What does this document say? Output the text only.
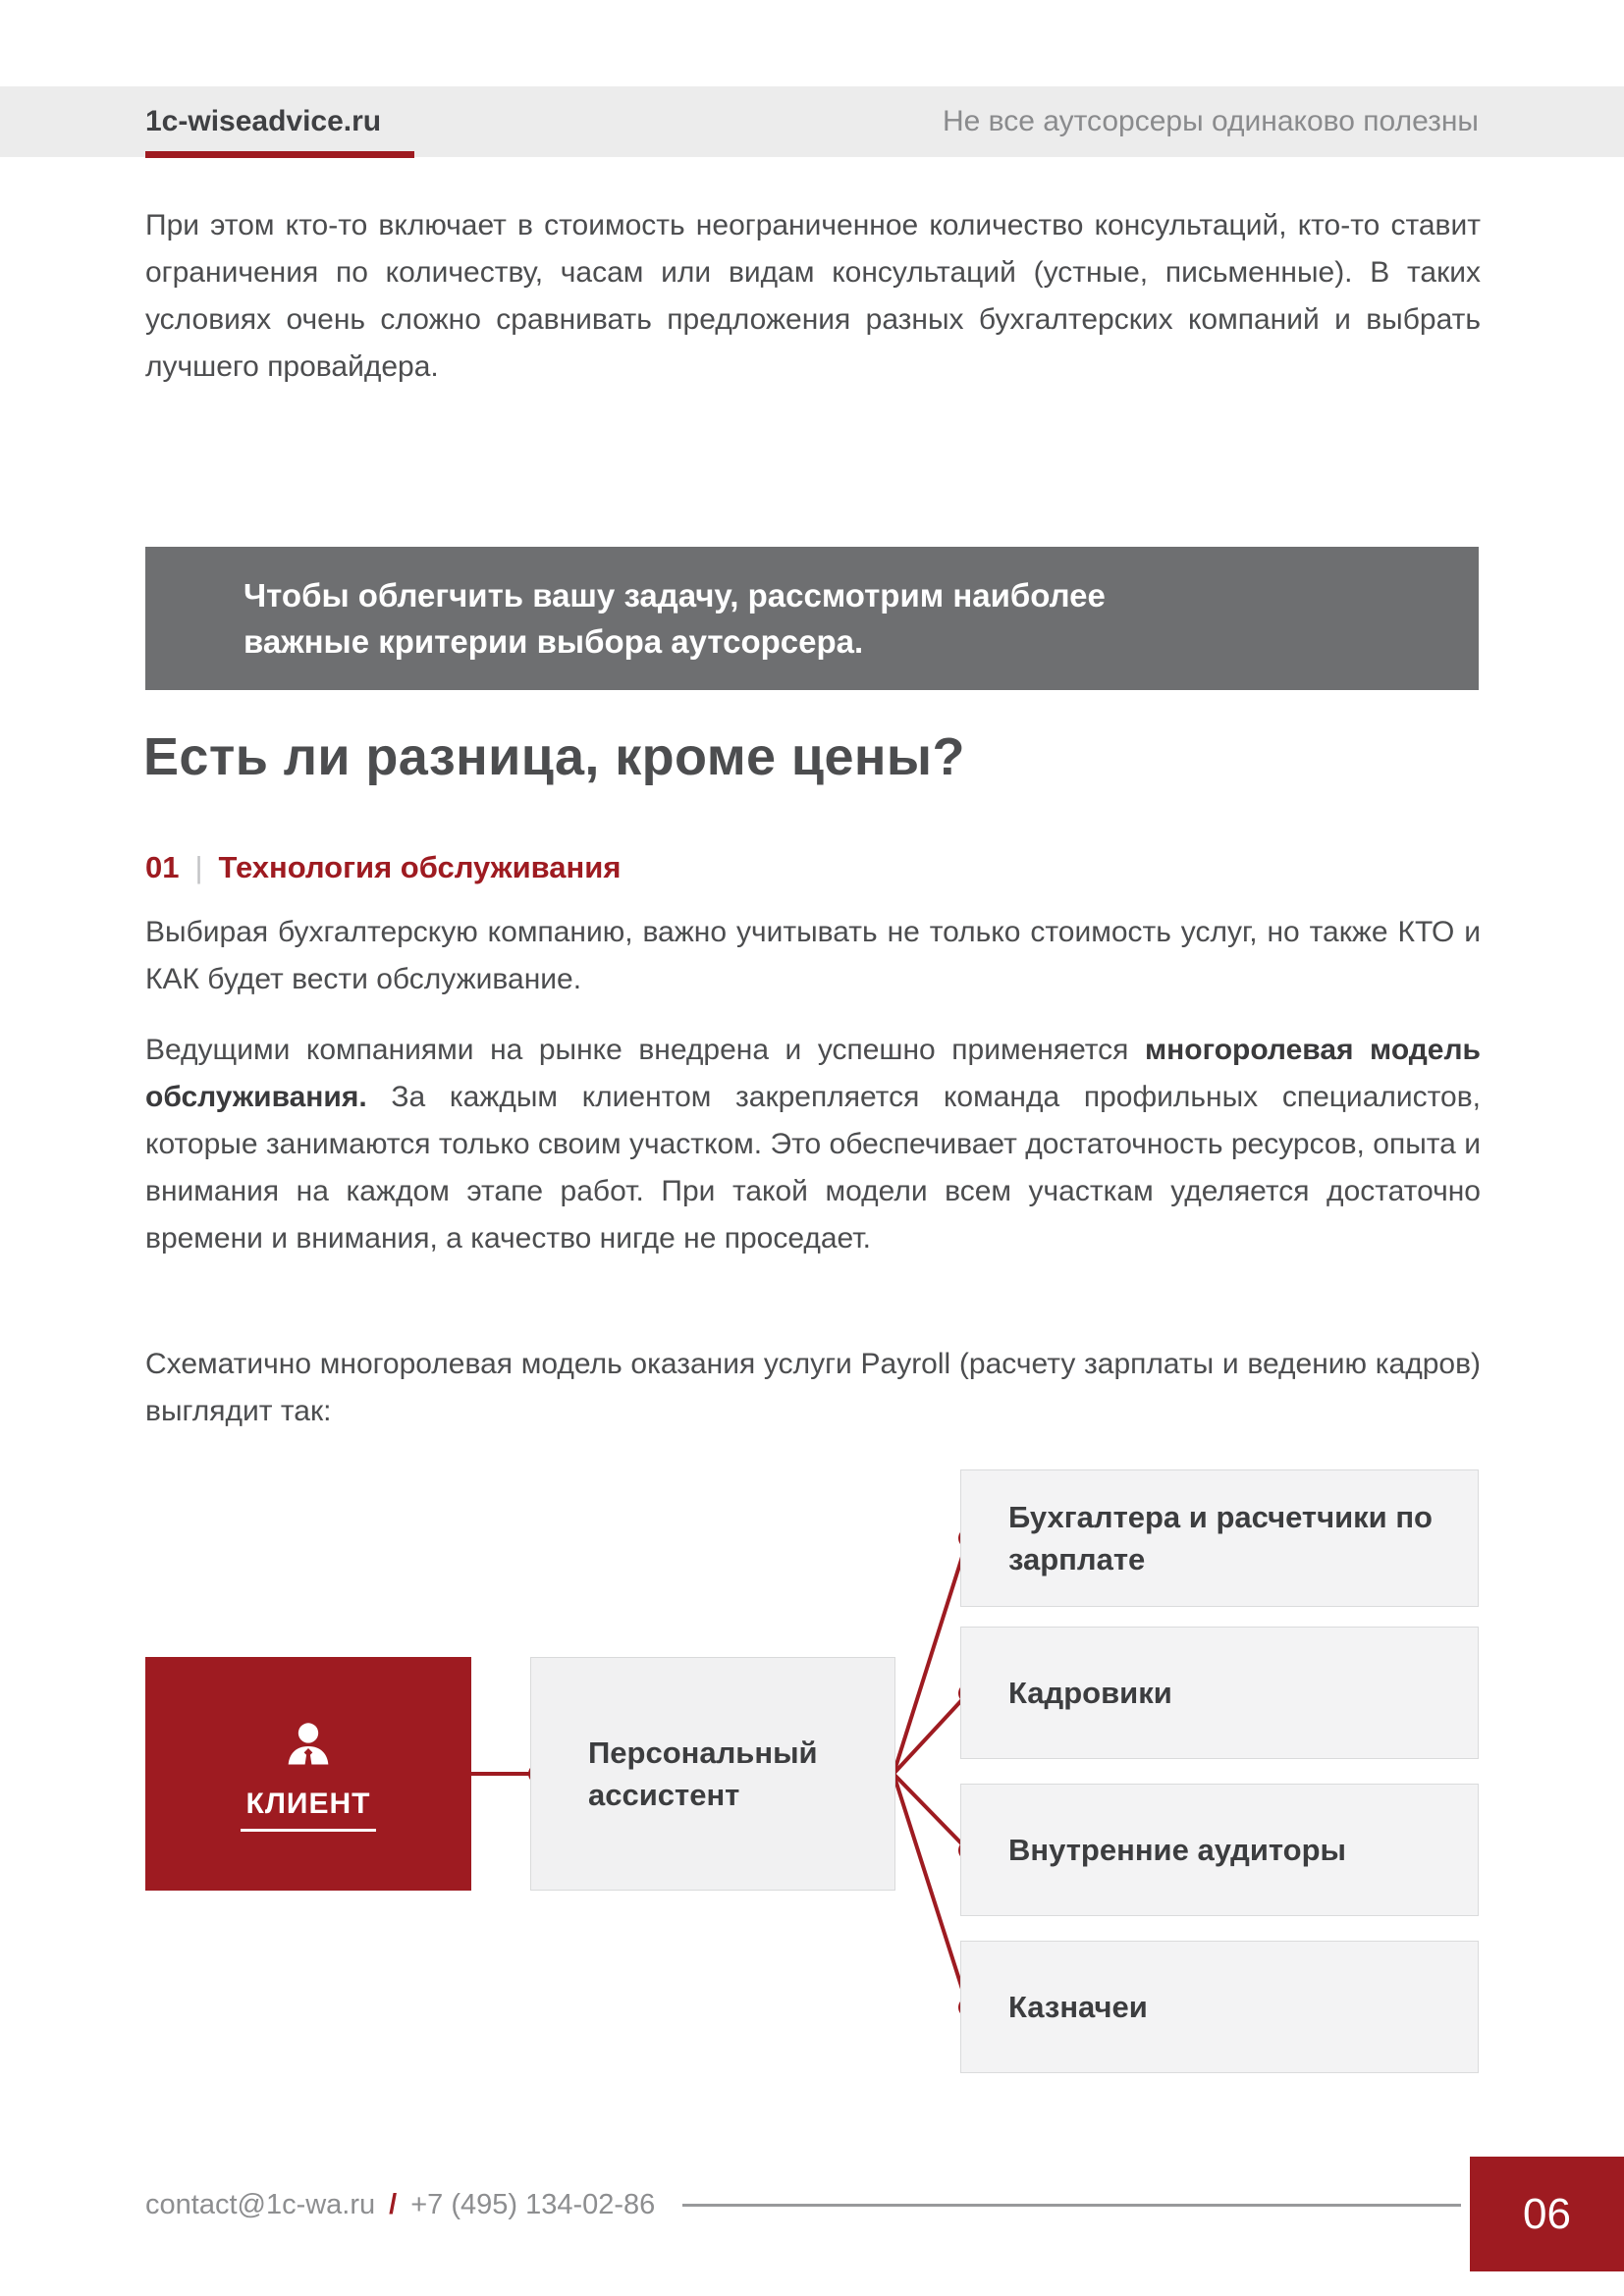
1c-wiseadvice.ru	Не все аутсорсеры одинаково полезны

При этом кто-то включает в стоимость неограниченное количество консультаций, кто-то ставит ограничения по количеству, часам или видам консультаций (устные, письменные). В таких условиях очень сложно сравнивать предложения разных бухгалтерских компаний и выбрать лучшего провайдера.

Чтобы облегчить вашу задачу, рассмотрим наиболее важные критерии выбора аутсорсера.

Есть ли разница, кроме цены?
01 | Технология обслуживания

Выбирая бухгалтерскую компанию, важно учитывать не только стоимость услуг, но также КТО и КАК будет вести обслуживание.

Ведущими компаниями на рынке внедрена и успешно применяется многоролевая модель обслуживания. За каждым клиентом закрепляется команда профильных специалистов, которые занимаются только своим участком. Это обеспечивает достаточность ресурсов, опыта и внимания на каждом этапе работ. При такой модели всем участкам уделяется достаточно времени и внимания, а качество нигде не проседает.

Схематично многоролевая модель оказания услуги Payroll (расчету зарплаты и ведению кадров) выглядит так:

КЛИЕНТ
Персональный ассистент
Бухгалтера и расчетчики по зарплате
Кадровики
Внутренние аудиторы
Казначеи
contact@1c-wa.ru / +7 (495) 134-02-86	06
